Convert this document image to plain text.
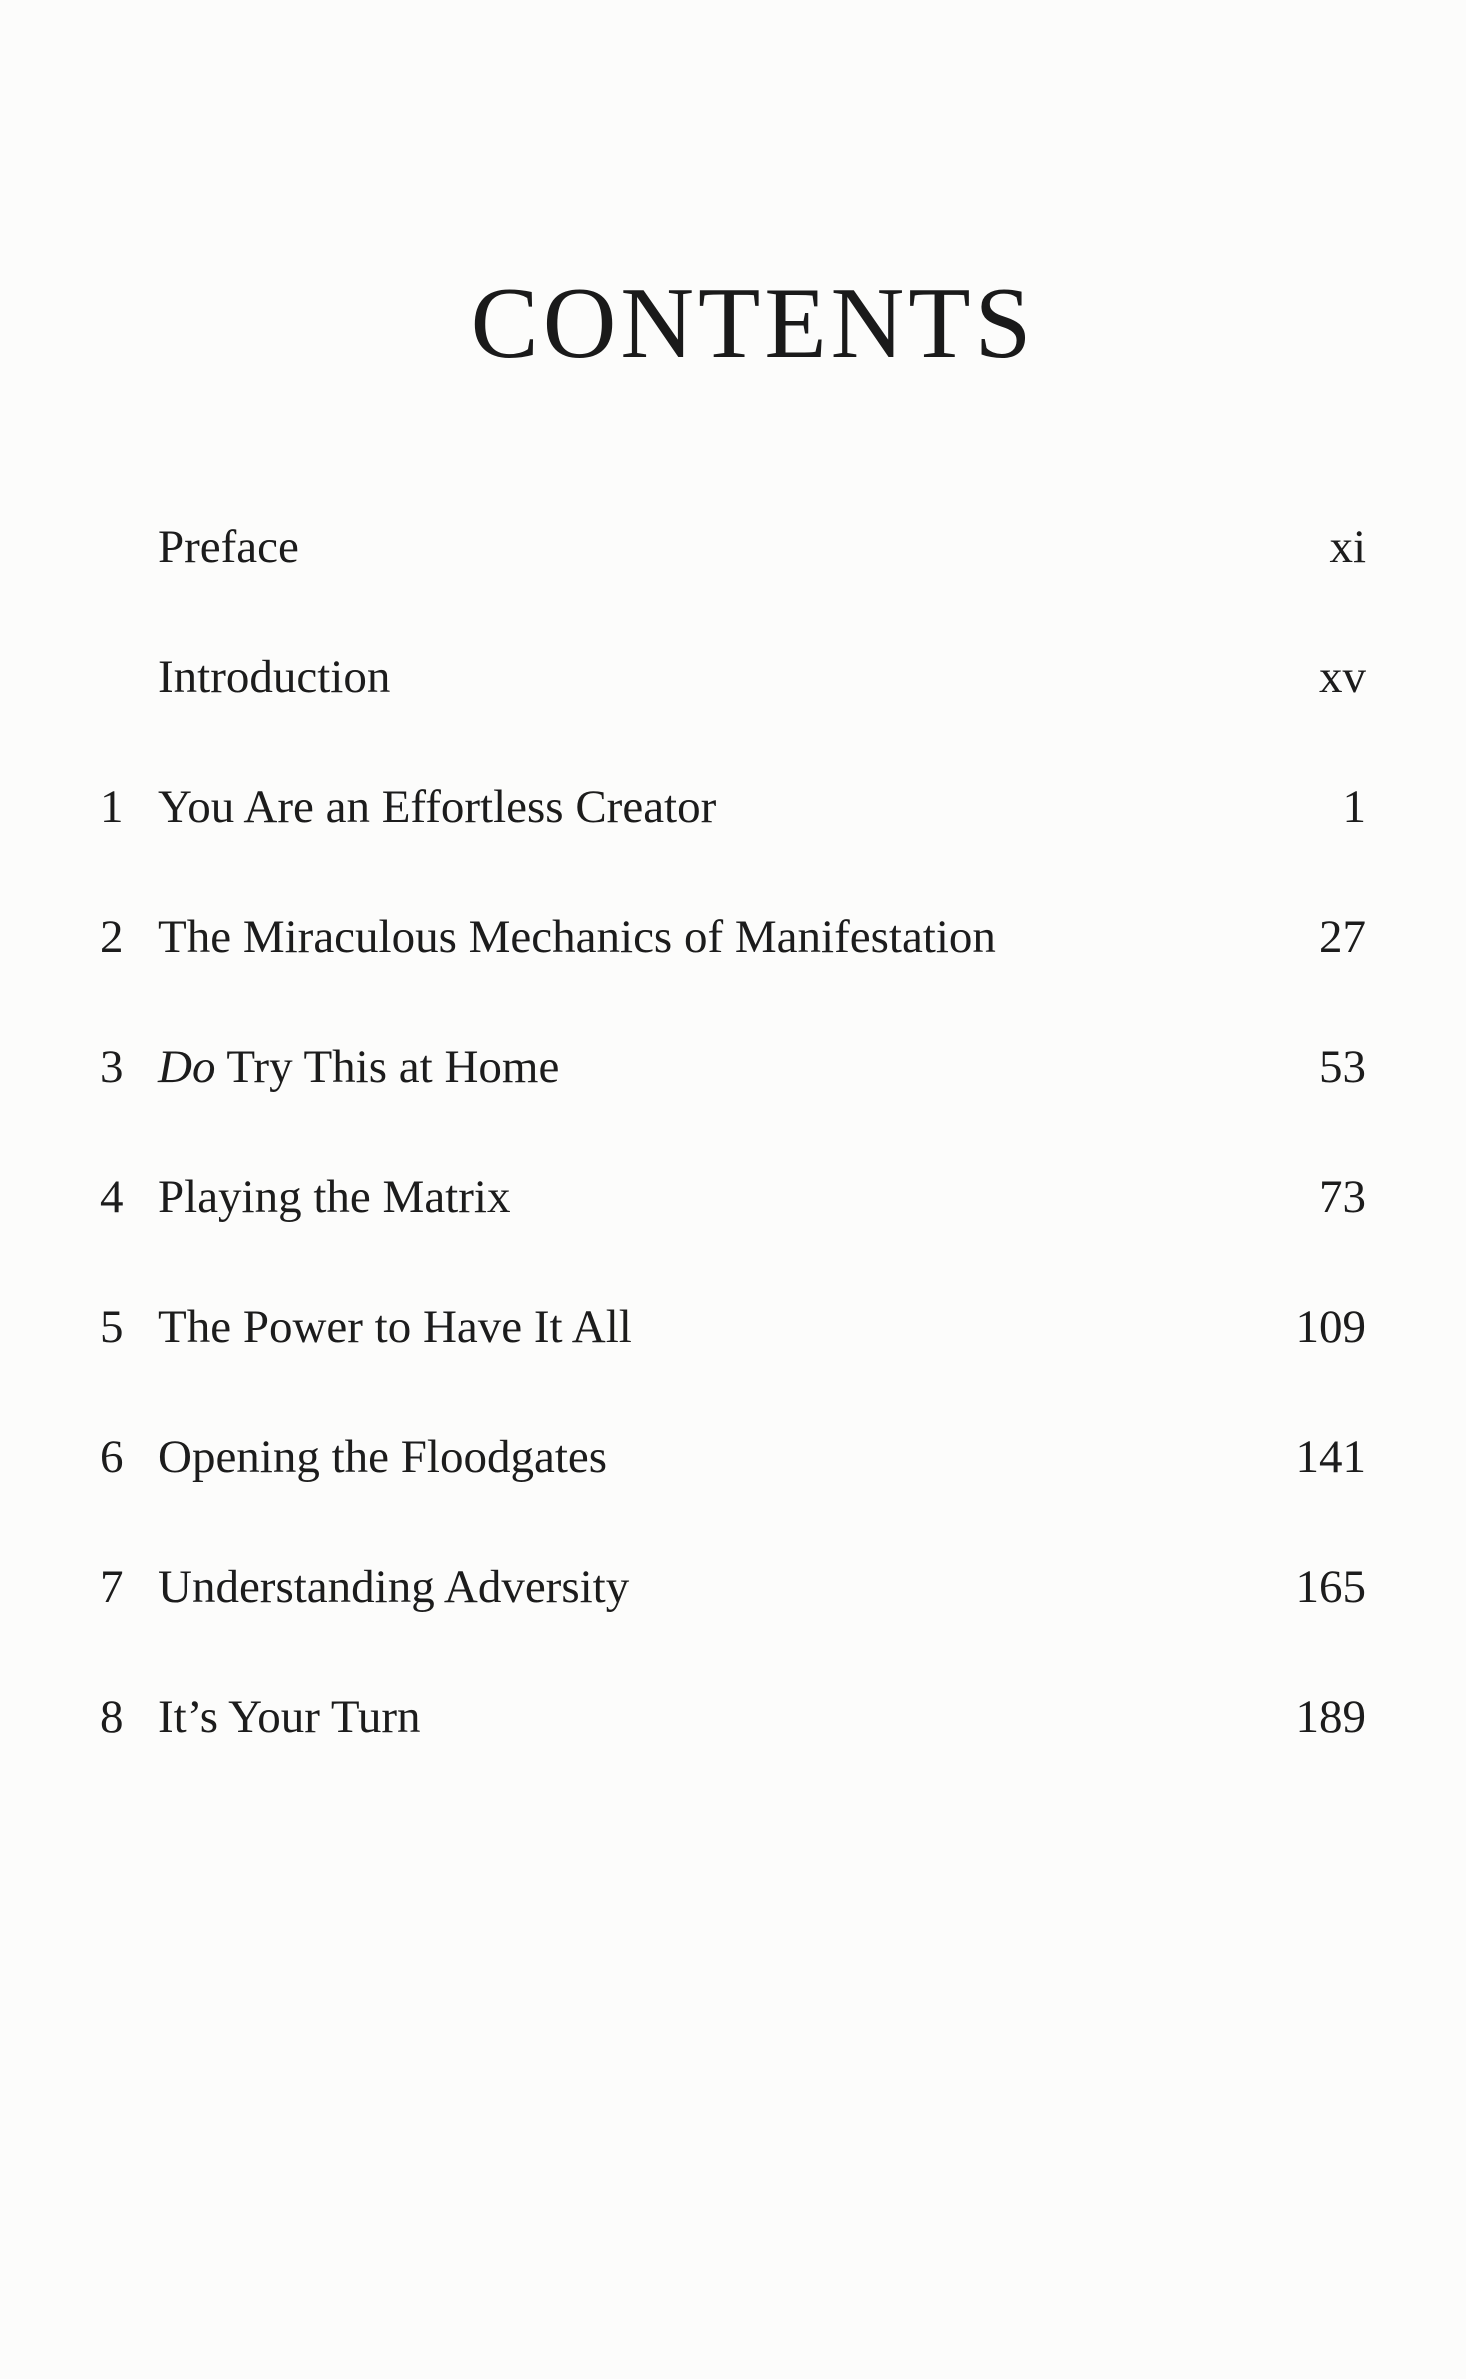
CONTENTS
Preface	xi
Introduction	xv
1 You Are an Effortless Creator	1
2 The Miraculous Mechanics of Manifestation	27
3 Do Try This at Home	53
4 Playing the Matrix	73
5 The Power to Have It All	109
6 Opening the Floodgates	141
7 Understanding Adversity	165
8 It’s Your Turn	189
